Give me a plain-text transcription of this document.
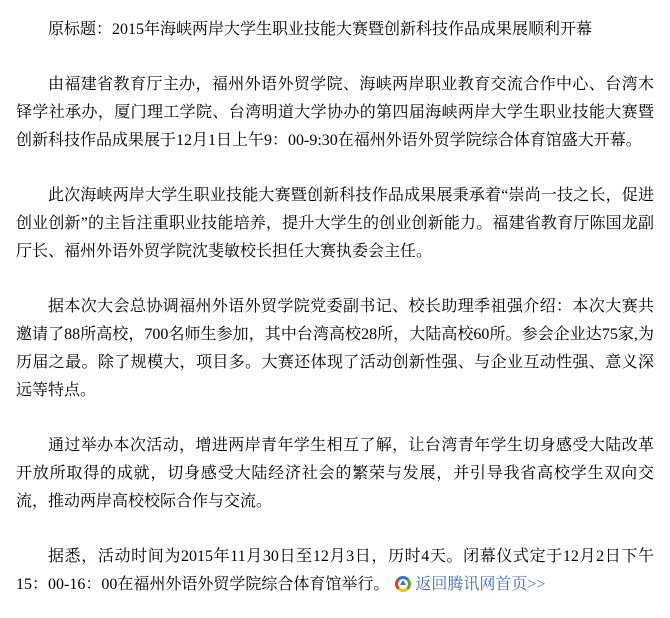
原标题：2015年海峡两岸大学生职业技能大赛暨创新科技作品成果展顺利开幕

由福建省教育厅主办，福州外语外贸学院、海峡两岸职业教育交流合作中心、台湾木铎学社承办，厦门理工学院、台湾明道大学协办的第四届海峡两岸大学生职业技能大赛暨创新科技作品成果展于12月1日上午9：00-9:30在福州外语外贸学院综合体育馆盛大开幕。

此次海峡两岸大学生职业技能大赛暨创新科技作品成果展秉承着“崇尚一技之长，促进创业创新”的主旨注重职业技能培养，提升大学生的创业创新能力。福建省教育厅陈国龙副厅长、福州外语外贸学院沈斐敏校长担任大赛执委会主任。

据本次大会总协调福州外语外贸学院党委副书记、校长助理季祖强介绍：本次大赛共邀请了88所高校，700名师生参加，其中台湾高校28所，大陆高校60所。参会企业达75家,为历届之最。除了规模大，项目多。大赛还体现了活动创新性强、与企业互动性强、意义深远等特点。

通过举办本次活动，增进两岸青年学生相互了解，让台湾青年学生切身感受大陆改革开放所取得的成就，切身感受大陆经济社会的繁荣与发展，并引导我省高校学生双向交流，推动两岸高校校际合作与交流。

据悉，活动时间为2015年11月30日至12月3日，历时4天。闭幕仪式定于12月2日下午15：00-16：00在福州外语外贸学院综合体育馆举行。 返回腾讯网首页>>
